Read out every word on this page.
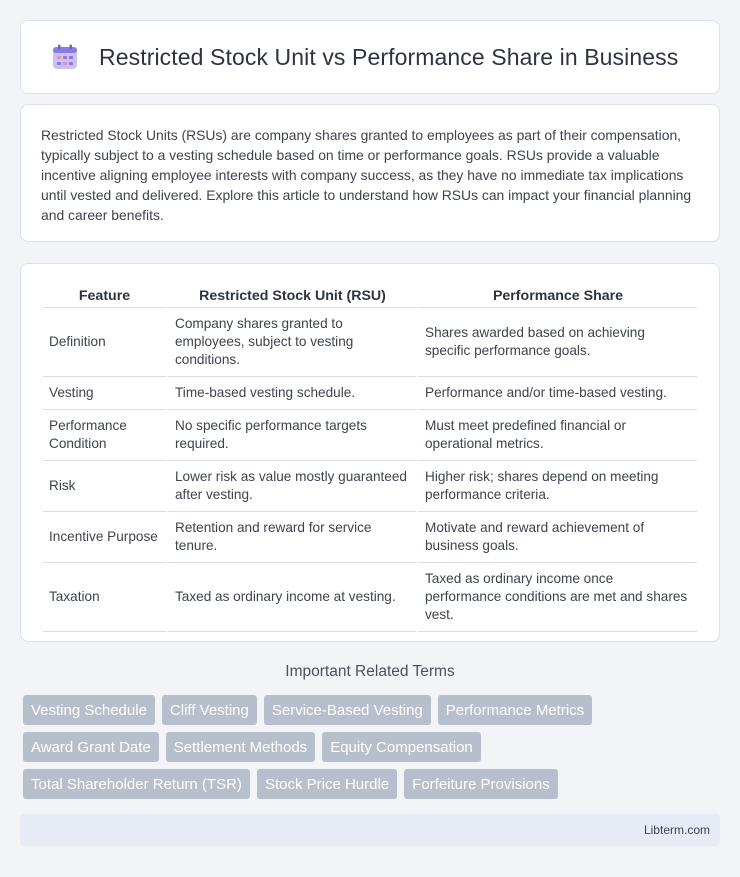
Restricted Stock Unit vs Performance Share in Business

Restricted Stock Units (RSUs) are company shares granted to employees as part of their compensation, typically subject to a vesting schedule based on time or performance goals. RSUs provide a valuable incentive aligning employee interests with company success, as they have no immediate tax implications until vested and delivered. Explore this article to understand how RSUs can impact your financial planning and career benefits.

Feature	Restricted Stock Unit (RSU)	Performance Share
Definition	Company shares granted to employees, subject to vesting conditions.	Shares awarded based on achieving specific performance goals.
Vesting	Time-based vesting schedule.	Performance and/or time-based vesting.
Performance Condition	No specific performance targets required.	Must meet predefined financial or operational metrics.
Risk	Lower risk as value mostly guaranteed after vesting.	Higher risk; shares depend on meeting performance criteria.
Incentive Purpose	Retention and reward for service tenure.	Motivate and reward achievement of business goals.
Taxation	Taxed as ordinary income at vesting.	Taxed as ordinary income once performance conditions are met and shares vest.
Important Related Terms
Vesting Schedule	Cliff Vesting	Service-Based Vesting	Performance Metrics
Award Grant Date	Settlement Methods	Equity Compensation
Total Shareholder Return (TSR)	Stock Price Hurdle	Forfeiture Provisions
Libterm.com
